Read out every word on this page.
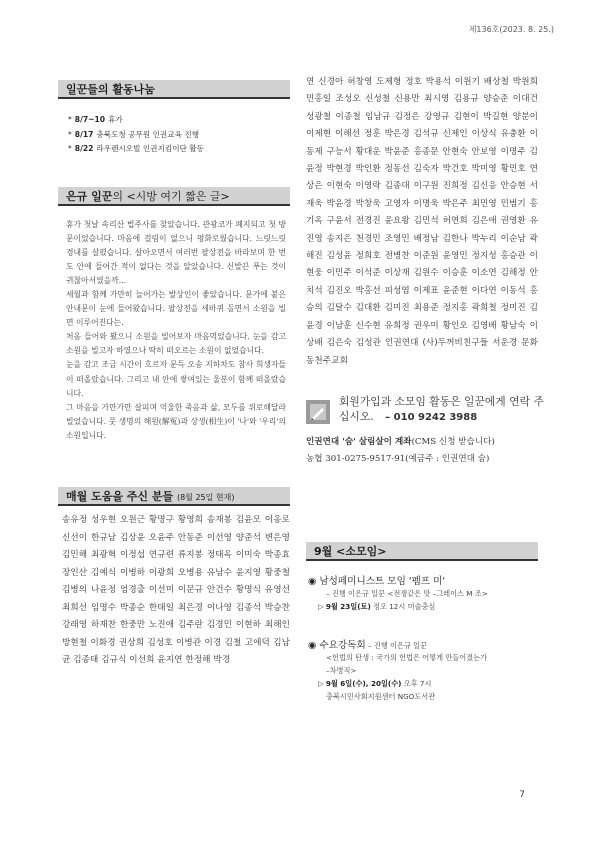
제136호(2023. 8. 25.)
일꾼들의 활동나눔
* 8/7~10 휴가
* 8/17 충북도청 공무원 인권교육 진행
* 8/22 라우렌시오빌 인권지킴이단 활동
은규 일꾼의 <시방 여기 짧은 글>

휴가 첫날 속리산 법주사를 찾았습니다. 관광코가 폐지되고 첫 방문이었습니다. 마음에 걸림이 없으니 평화로웠습니다. 느릿느릿 경내를 살폈습니다. 살아오면서 여러번 팔상전을 바라보며 한 번도 안에 들어간 적이 없다는 것을 알았습니다. 신발끈 푸는 것이 귀찮아서였을까...

세월과 함께 가만히 늘어가는 발상인이 좋았습니다. 문가에 붙은 안내문이 눈에 들어왔습니다. 팔상전을 세바퀴 돌면서 소원을 빌면 이루어진다는.

처음 들어와 봤으니 소원을 빌어보자 마음먹었습니다. 눈을 감고 소원을 빌고자 하였으나 딱히 떠오르는 소원이 없었습니다.

눈을 감고 조금 시간이 흐르자 문득 오송 지하차도 참사 희생자들이 떠올랐습니다. 그리고 내 안에 쌓여있는 울분이 함께 떠올랐습니다.

그 마음을 가만가만 살피며 억울한 죽음과 삶, 모두를 위로해달라 빌었습니다. 뭇 생명의 해원(解冤)과 상생(相生)이 '나'와 '우리'의 소원입니다.

매월 도움을 주신 분들 (8월 25일 현재)
송유정 성우현 오원근 황명구 황영희 송재봉 김윤모 이옹로 신선이 한규남 김상윤 오윤주 안동준 이선영 양준석 변은영 김민해 최광혁 이정섭 연규련 류지봉 정태옥 이미숙 박종효 장인산 김예식 이병하 이광희 오병용 유남수 윤지영 황중철 김병의 나윤정 엄경출 이선미 이문규 안건수 황명식 유영선 최희선 임명수 박종순 한태일 최은경 이나영 김종석 박승찬 강래영 하재찬 한중만 노진애 김주란 김경민 이현하 최해인 방현철 이화경 권상희 김성호 이병관 이경 김철 고애덕 김남균 김종태 김규식 이선희 윤지연 한정해 박경
연 신경아 허창영 도제형 정호 박용석 이원기 배상철 박원희 민홍일 조성오 신성철 신용만 최시영 김용규 양승준 이대건 성광철 이종철 임남규 김정은 강영규 김현이 박길현 양분이 이제현 이해선 정훈 박은경 김석규 신제인 이상식 유충환 이동제 구능서 황대운 박윤준 홍종문 안현숙 안보영 이명주 김윤정 박현경 박인환 정동선 김숙자 박건호 박미영 황민호 연상은 이현숙 이영락 김종대 이구원 진희정 김신응 안승현 서재욱 박윤경 박창욱 고영자 이명욱 박은주 최민영 민범기 홍기옥 구윤서 전경진 윤요왕 김민석 허연희 김은애 권영환 유진영 송지은 천경민 조영민 배정남 김한나 박누리 이순남 곽해진 김성윤 정희호 전병찬 이준원 윤영민 정지성 홍승관 이현웅 이민주 이석준 이상재 김원수 이승훈 이소연 김해정 안치석 김진오 박홍선 피성염 이제표 윤준현 이다연 이동석 홍승의 김달수 김대환 김미진 최용준 정지홍 곽희철 정미진 김윤경 이남훈 신수현 유희정 권우미 황인오 김영배 황남숙 이상배 김은숙 김성관 인권연대 (사)두꺼비친구들 서운경 문화동천주교회
회원가입과 소모임 활동은 일꾼에게 연락 주십시오. – 010 9242 3988
인권연대 '숨' 살림살이 계좌(CMS 신청 받습니다)
농협 301-0275-9517-91(예금주 : 인권연대 숨)
9월 <소모임>
◉ 남성페미니스트 모임 '펨프 미'
– 진행 이은규 일꾼 <전쟁같은 맛 –그레이스 M 조>
▷ 9월 23일(토) 정오 12시 미술충심
◉ 수요강독회 – 진행 이은규 일꾼
<헌법의 탄생 : 국가의 헌법은 어떻게 만들어졌는가
–차병직>
▷ 9월 6일(수), 20일(수) 오후 7시
충북시민사회지원센터 NGO도서관
7
